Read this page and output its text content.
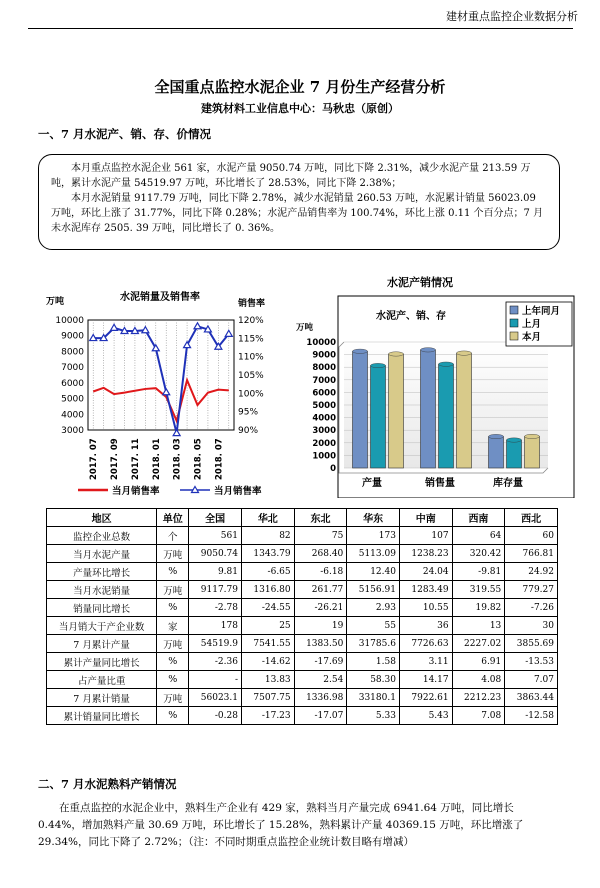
建材重点监控企业数据分析
全国重点监控水泥企业 7 月份生产经营分析
建筑材料工业信息中心：马秋忠（原创）
一、7 月水泥产、销、存、价情况

本月重点监控水泥企业 561 家，水泥产量 9050.74 万吨，同比下降 2.31%，减少水泥产量 213.59 万吨，累计水泥产量 54519.97 万吨，环比增长了 28.53%，同比下降 2.38%；

本月水泥销量 9117.79 万吨，同比下降 2.78%，减少水泥销量 260.53 万吨，水泥累计销量 56023.09 万吨，环比上涨了 31.77%，同比下降 0.28%；水泥产品销售率为 100.74%，环比上涨 0.11 个百分点；7 月未水泥库存 2505. 39 万吨，同比增长了 0. 36%。

水泥销量及销售率
万吨	销售率
10000
9000
8000
7000
6000
5000
4000
3000
120%
115%
110%
105%
100%
95%
90%
2017. 07 2017. 09 2017. 11 2018. 01 2018. 03 2018. 05 2018. 07
当月销售率	当月销售率
水泥产销情况
水泥产、销、存
万吨
10000
9000
8000
7000
6000
5000
4000
3000
2000
1000
0
产量	销售量	库存量
上年同月
上月
本月
地区	单位	全国	华北	东北	华东	中南	西南	西北
监控企业总数	个	561	82	75	173	107	64	60
当月水泥产量	万吨	9050.74	1343.79	268.40	5113.09	1238.23	320.42	766.81
产量环比增长	%	9.81	-6.65	-6.18	12.40	24.04	-9.81	24.92
当月水泥销量	万吨	9117.79	1316.80	261.77	5156.91	1283.49	319.55	779.27
销量同比增长	%	-2.78	-24.55	-26.21	2.93	10.55	19.82	-7.26
当月销大于产企业数	家	178	25	19	55	36	13	30
7 月累计产量	万吨	54519.9	7541.55	1383.50	31785.6	7726.63	2227.02	3855.69
累计产量同比增长	%	-2.36	-14.62	-17.69	1.58	3.11	6.91	-13.53
占产量比重	%	-	13.83	2.54	58.30	14.17	4.08	7.07
7 月累计销量	万吨	56023.1	7507.75	1336.98	33180.1	7922.61	2212.23	3863.44
累计销量同比增长	%	-0.28	-17.23	-17.07	5.33	5.43	7.08	-12.58
二、7 月水泥熟料产销情况
在重点监控的水泥企业中，熟料生产企业有 429 家，熟料当月产量完成 6941.64 万吨，同比增长 0.44%，增加熟料产量 30.69 万吨，环比增长了 15.28%，熟料累计产量 40369.15 万吨，环比增涨了 29.34%，同比下降了 2.72%；（注：不同时期重点监控企业统计数目略有增减）
